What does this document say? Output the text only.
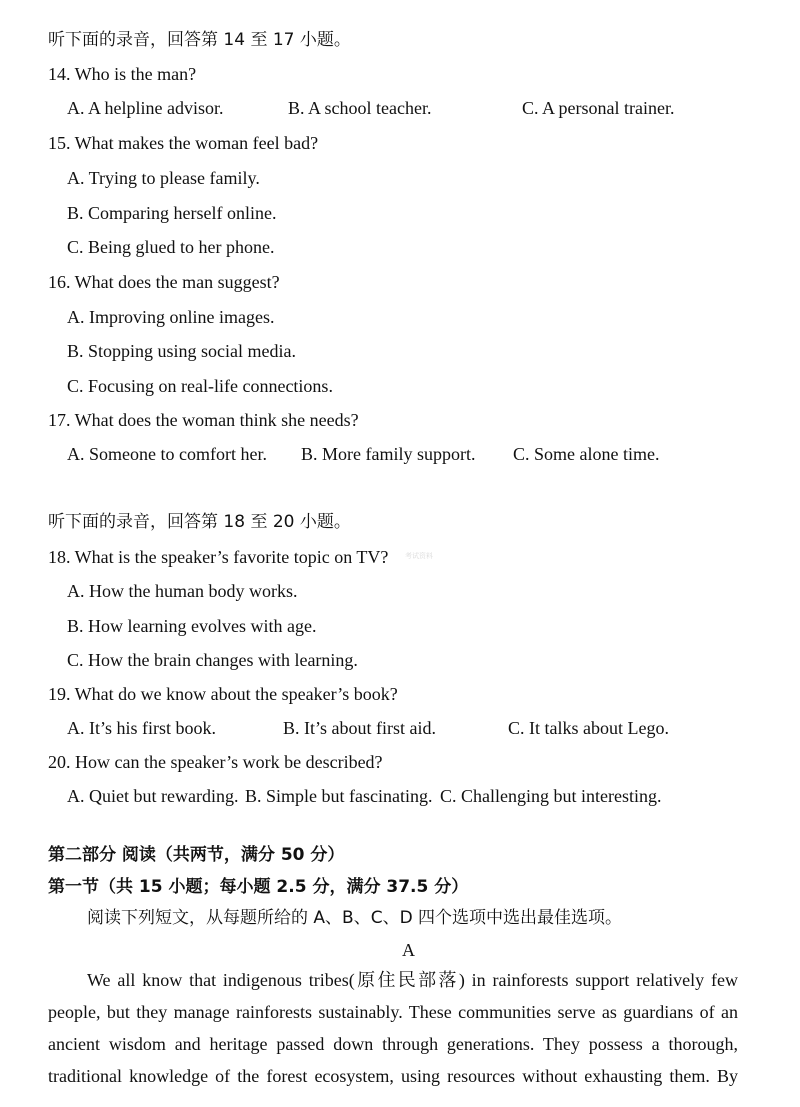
听下面的录音，回答第 14 至 17 小题。
14. Who is the man?
A. A helpline advisor.	B. A school teacher.	C. A personal trainer.
15. What makes the woman feel bad?
A. Trying to please family.
B. Comparing herself online.
C. Being glued to her phone.
16. What does the man suggest?
A. Improving online images.
B. Stopping using social media.
C. Focusing on real-life connections.
17. What does the woman think she needs?
A. Someone to comfort her. B. More family support. C. Some alone time.
听下面的录音，回答第 18 至 20 小题。
18. What is the speaker’s favorite topic on TV? 考试资料
A. How the human body works.
B. How learning evolves with age.
C. How the brain changes with learning.
19. What do we know about the speaker’s book?
A. It’s his first book.	B. It’s about first aid.	C. It talks about Lego.
20. How can the speaker’s work be described?
A. Quiet but rewarding. B. Simple but fascinating. C. Challenging but interesting.
第二部分 阅读（共两节，满分 50 分）
第一节（共 15 小题；每小题 2.5 分，满分 37.5 分）
阅读下列短文，从每题所给的 A、B、C、D 四个选项中选出最佳选项。
A
We all know that indigenous tribes(原住民部落) in rainforests support relatively few
people, but they manage rainforests sustainably. These communities serve as guardians of an
ancient wisdom and heritage passed down through generations. They possess a thorough,
traditional knowledge of the forest ecosystem, using resources without exhausting them. By
